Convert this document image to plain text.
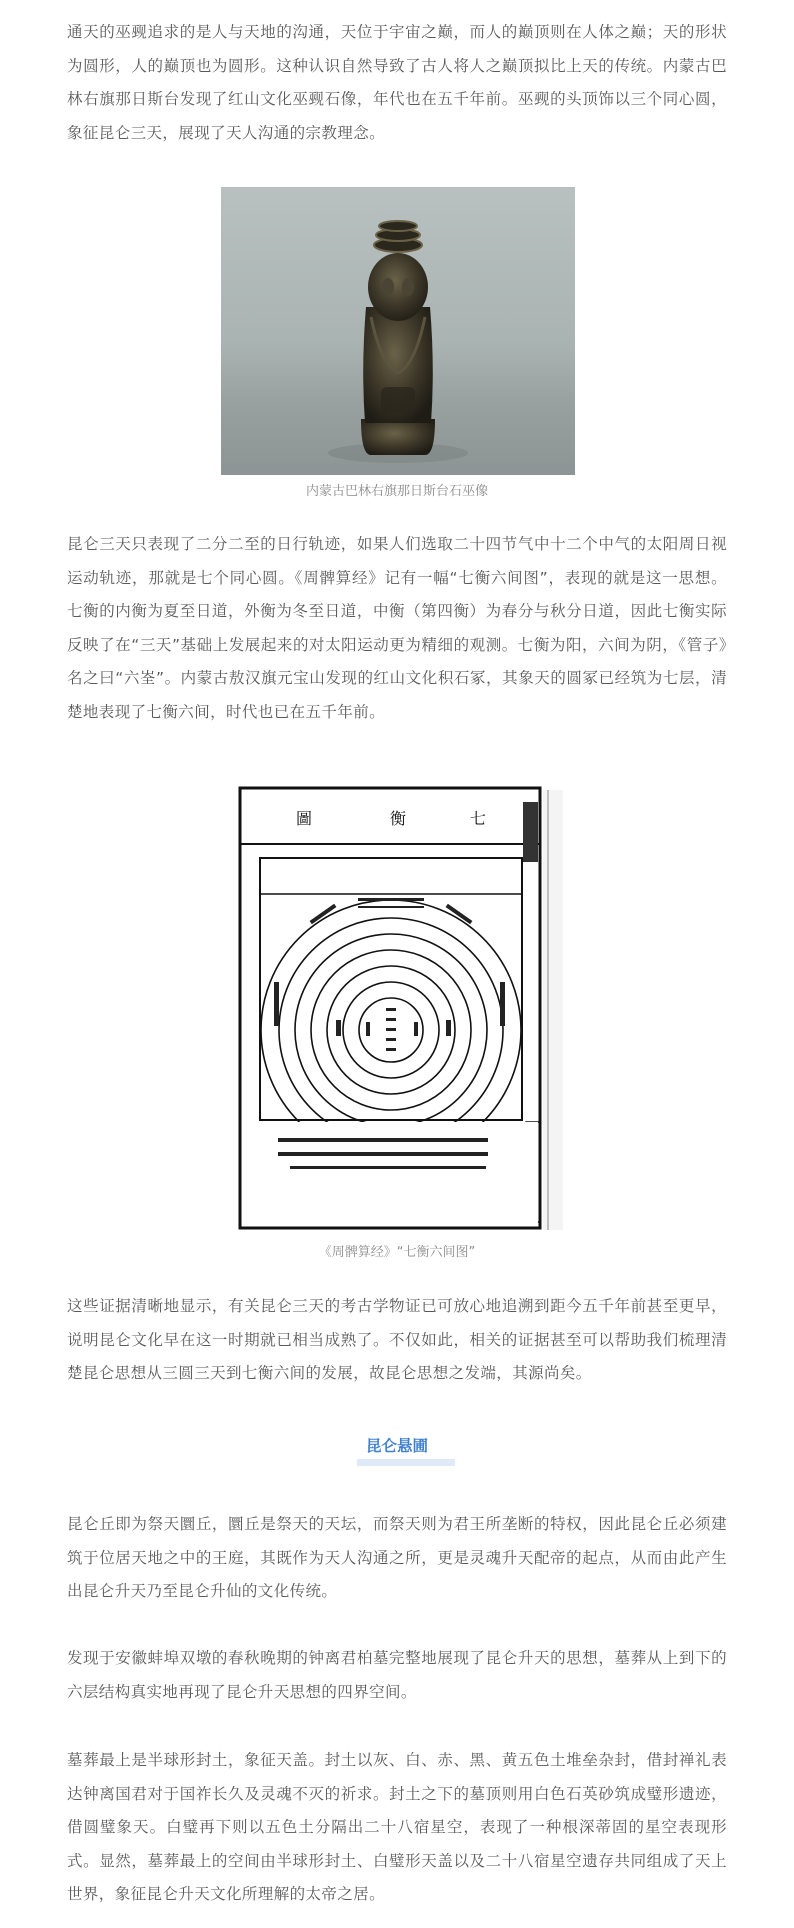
通天的巫觋追求的是人与天地的沟通，天位于宇宙之巅，而人的巅顶则在人体之巅；天的形状为圆形，人的巅顶也为圆形。这种认识自然导致了古人将人之巅顶拟比上天的传统。内蒙古巴林右旗那日斯台发现了红山文化巫觋石像，年代也在五千年前。巫觋的头顶饰以三个同心圆，象征昆仑三天，展现了天人沟通的宗教理念。

内蒙古巴林右旗那日斯台石巫像

昆仑三天只表现了二分二至的日行轨迹，如果人们选取二十四节气中十二个中气的太阳周日视运动轨迹，那就是七个同心圆。《周髀算经》记有一幅“七衡六间图”，表现的就是这一思想。七衡的内衡为夏至日道，外衡为冬至日道，中衡（第四衡）为春分与秋分日道，因此七衡实际反映了在“三天”基础上发展起来的对太阳运动更为精细的观测。七衡为阳，六间为阴，《管子》名之曰“六峑”。内蒙古敖汉旗元宝山发现的红山文化积石冢，其象天的圆冢已经筑为七层，清楚地表现了七衡六间，时代也已在五千年前。

圖	衡	七

《周髀算经》“七衡六间图”

这些证据清晰地显示，有关昆仑三天的考古学物证已可放心地追溯到距今五千年前甚至更早，说明昆仑文化早在这一时期就已相当成熟了。不仅如此，相关的证据甚至可以帮助我们梳理清楚昆仑思想从三圆三天到七衡六间的发展，故昆仑思想之发端，其源尚矣。

昆仑悬圃

昆仑丘即为祭天圜丘，圜丘是祭天的天坛，而祭天则为君王所垄断的特权，因此昆仑丘必须建筑于位居天地之中的王庭，其既作为天人沟通之所，更是灵魂升天配帝的起点，从而由此产生出昆仑升天乃至昆仑升仙的文化传统。

发现于安徽蚌埠双墩的春秋晚期的钟离君柏墓完整地展现了昆仑升天的思想，墓葬从上到下的六层结构真实地再现了昆仑升天思想的四界空间。

墓葬最上是半球形封土，象征天盖。封土以灰、白、赤、黑、黄五色土堆垒杂封，借封禅礼表达钟离国君对于国祚长久及灵魂不灭的祈求。封土之下的墓顶则用白色石英砂筑成璧形遗迹，借圆璧象天。白璧再下则以五色土分隔出二十八宿星空，表现了一种根深蒂固的星空表现形式。显然，墓葬最上的空间由半球形封土、白璧形天盖以及二十八宿星空遗存共同组成了天上世界，象征昆仑升天文化所理解的太帝之居。
